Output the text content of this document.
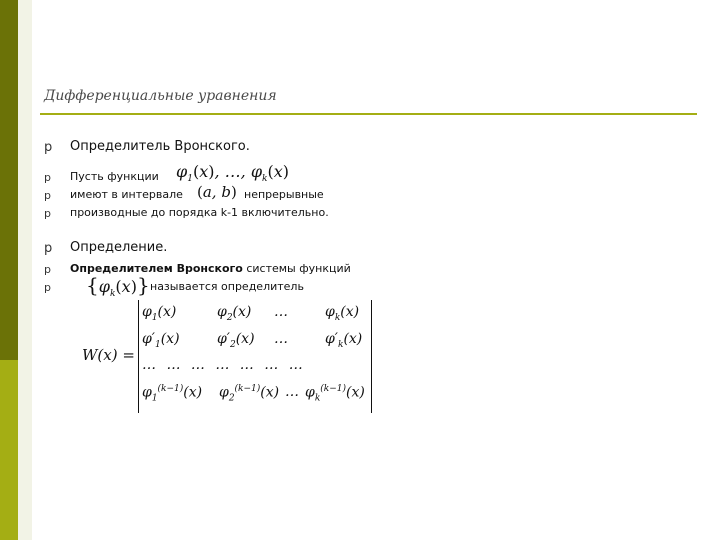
Дифференциальные уравнения
p Определитель Вронского.
p Пусть функции $\varphi_1(x)$, …, $\varphi_k(x)$
p имеют в интервале (a, b) непрерывные
p производные до порядка k-1 включительно.
p Определение.
p Определителем Вронского системы функций
p $\{\varphi_k(x)\}$ называется определитель
W(x) =
$\varphi_1(x)$	$\varphi_2(x)$ …	$\varphi_k(x)$
$\varphi'_1(x)$	$\varphi'_2(x)$ …	$\varphi'_k(x)$
… … … … … … …
$\varphi_1^{(k-1)}(x)$ $\varphi_2^{(k-1)}(x)$ … $\varphi_k^{(k-1)}(x)$
